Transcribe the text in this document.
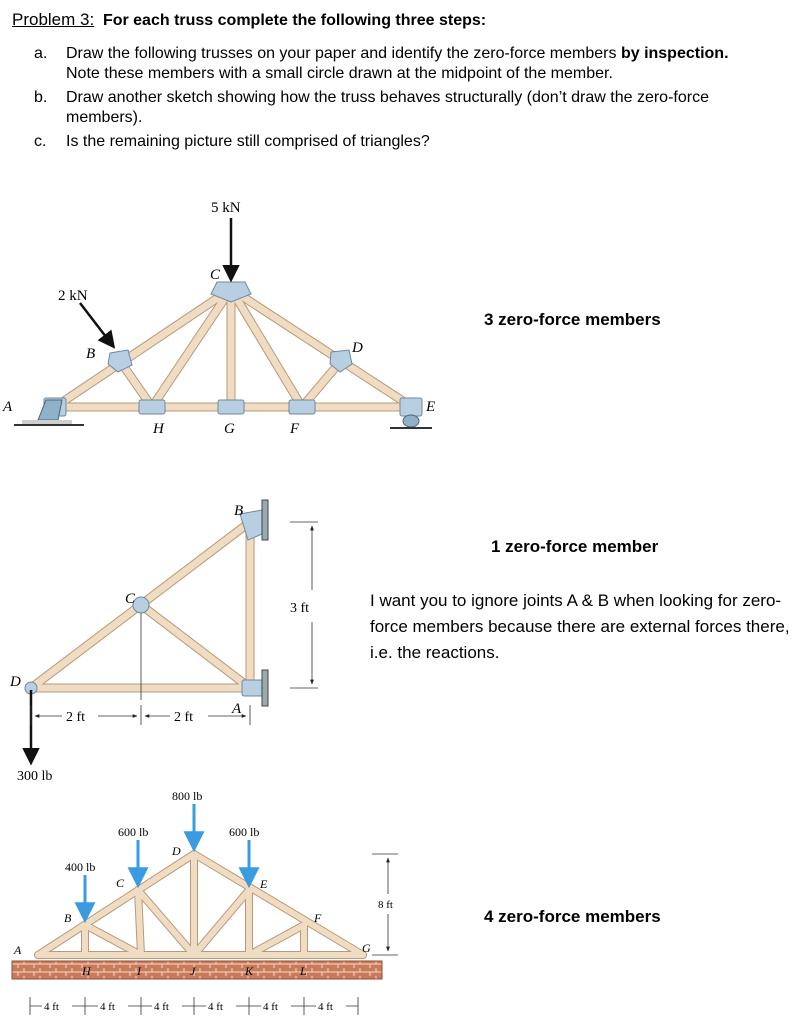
Problem 3: For each truss complete the following three steps:
a.	Draw the following trusses on your paper and identify the zero-force members by inspection. Note these members with a small circle drawn at the midpoint of the member.
b.	Draw another sketch showing how the truss behaves structurally (don’t draw the zero-force members).
c.	Is the remaining picture still comprised of triangles?
5 kN
2 kN
A
B
C
D
E
F
G
H
300 lb
3 ft
2 ft	2 ft
D
C
B
A
800 lb
600 lb	600 lb
400 lb
A
B
C
D
E
F
G
H	I	J	K	L
8 ft
4 ft	4 ft	4 ft	4 ft	4 ft	4 ft
3 zero-force members
1 zero-force member
I want you to ignore joints A & B when looking for zero-force members because there are external forces there, i.e. the reactions.
4 zero-force members
